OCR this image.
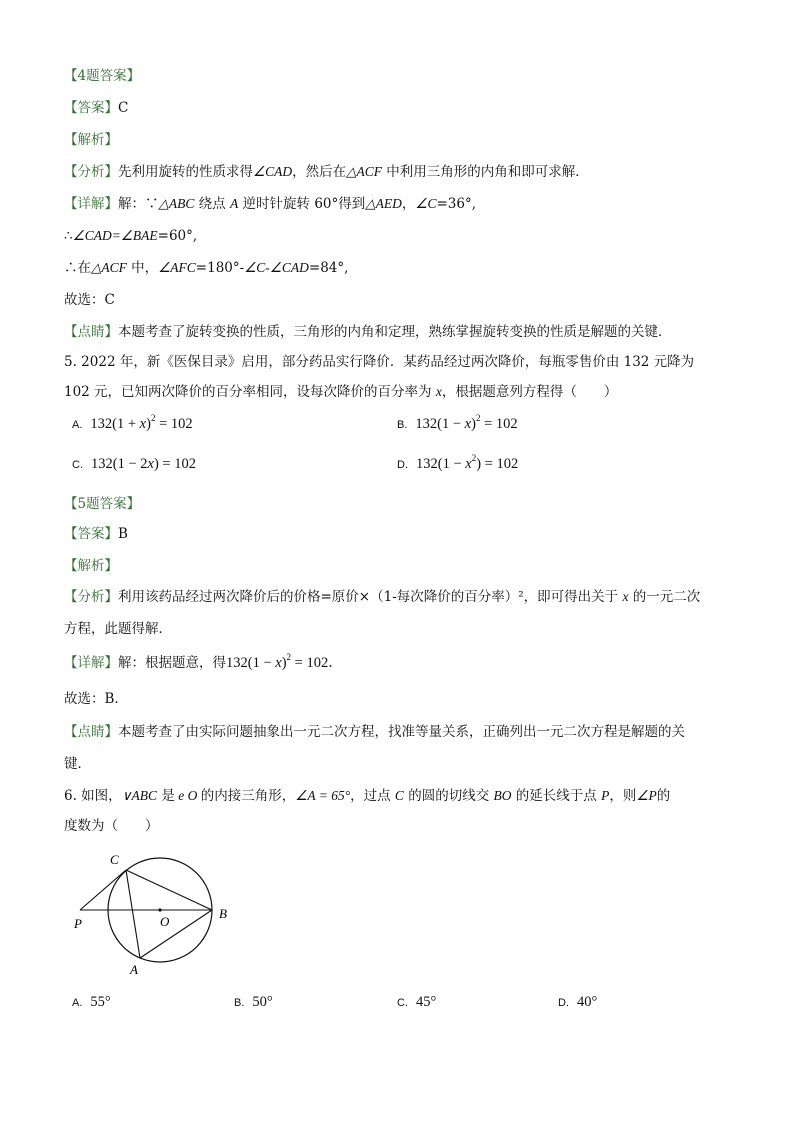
【4题答案】
【答案】C
【解析】
【分析】先利用旋转的性质求得∠CAD，然后在△ACF 中利用三角形的内角和即可求解．
【详解】解：∵△ABC 绕点 A 逆时针旋转 60°得到△AED，∠C=36°,
∴∠CAD=∠BAE=60°,
∴在△ACF 中，∠AFC=180°-∠C-∠CAD=84°,
故选：C
【点睛】本题考查了旋转变换的性质，三角形的内角和定理，熟练掌握旋转变换的性质是解题的关键．
5. 2022 年，新《医保目录》启用，部分药品实行降价．某药品经过两次降价，每瓶零售价由 132 元降为
102 元，已知两次降价的百分率相同，设每次降价的百分率为 x，根据题意列方程得（　　）
A. $132(1 + x)^2 = 102$	B. $132(1 - x)^2 = 102$
C. 132(1 − 2x) = 102	D. $132(1 - x^2) = 102$
【5题答案】
【答案】B
【解析】
【分析】利用该药品经过两次降价后的价格=原价×（1-每次降价的百分率）²，即可得出关于 x 的一元二次
方程，此题得解．
【详解】解：根据题意，得$132(1 - x)^2 = 102$．
故选：B．
【点睛】本题考查了由实际问题抽象出一元二次方程，找准等量关系，正确列出一元二次方程是解题的关
键．
6. 如图，∨ABC 是 e O 的内接三角形，∠A = 65°，过点 C 的圆的切线交 BO 的延长线于点 P，则∠P的
度数为（　　）
C
P	O
B
A
A. 55°	B. 50°	C. 45°	D. 40°
